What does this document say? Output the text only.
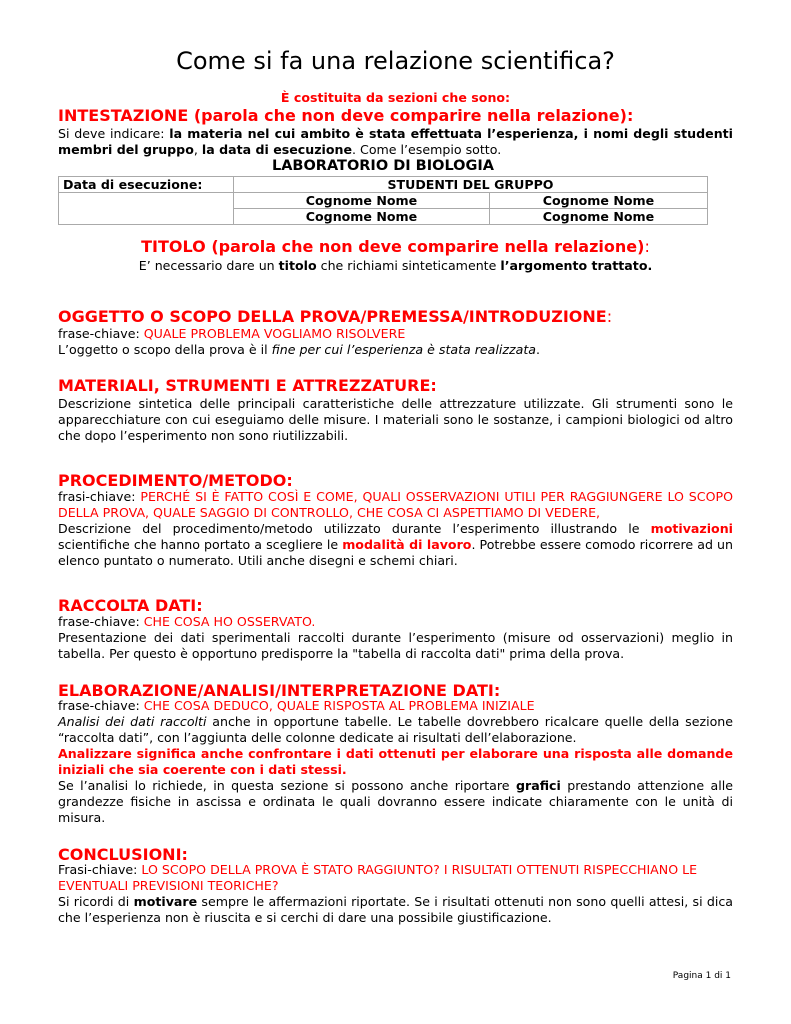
Come si fa una relazione scientifica?

È costituita da sezioni che sono:

INTESTAZIONE (parola che non deve comparire nella relazione):

Si deve indicare: la materia nel cui ambito è stata effettuata l’esperienza, i nomi degli studenti membri del gruppo, la data di esecuzione. Come l’esempio sotto.

LABORATORIO DI BIOLOGIA
Data di esecuzione:	STUDENTI DEL GRUPPO	
	Cognome Nome	Cognome Nome
	Cognome Nome	Cognome Nome
TITOLO (parola che non deve comparire nella relazione):

E’ necessario dare un titolo che richiami sinteticamente l’argomento trattato.

OGGETTO O SCOPO DELLA PROVA/PREMESSA/INTRODUZIONE:

frase-chiave: QUALE PROBLEMA VOGLIAMO RISOLVERE

L’oggetto o scopo della prova è il fine per cui l’esperienza è stata realizzata.

MATERIALI, STRUMENTI E ATTREZZATURE:

Descrizione sintetica delle principali caratteristiche delle attrezzature utilizzate. Gli strumenti sono le apparecchiature con cui eseguiamo delle misure. I materiali sono le sostanze, i campioni biologici od altro che dopo l’esperimento non sono riutilizzabili.

PROCEDIMENTO/METODO:

frasi-chiave: PERCHÉ SI È FATTO COSÌ E COME, QUALI OSSERVAZIONI UTILI PER RAGGIUNGERE LO SCOPO DELLA PROVA, QUALE SAGGIO DI CONTROLLO, CHE COSA CI ASPETTIAMO DI VEDERE,

Descrizione del procedimento/metodo utilizzato durante l’esperimento illustrando le motivazioni scientifiche che hanno portato a scegliere le modalità di lavoro. Potrebbe essere comodo ricorrere ad un elenco puntato o numerato. Utili anche disegni e schemi chiari.

RACCOLTA DATI:

frase-chiave: CHE COSA HO OSSERVATO.

Presentazione dei dati sperimentali raccolti durante l’esperimento (misure od osservazioni) meglio in tabella. Per questo è opportuno predisporre la "tabella di raccolta dati" prima della prova.

ELABORAZIONE/ANALISI/INTERPRETAZIONE DATI:

frase-chiave: CHE COSA DEDUCO, QUALE RISPOSTA AL PROBLEMA INIZIALE

Analisi dei dati raccolti anche in opportune tabelle. Le tabelle dovrebbero ricalcare quelle della sezione “raccolta dati”, con l’aggiunta delle colonne dedicate ai risultati dell’elaborazione.

Analizzare significa anche confrontare i dati ottenuti per elaborare una risposta alle domande iniziali che sia coerente con i dati stessi.

Se l’analisi lo richiede, in questa sezione si possono anche riportare grafici prestando attenzione alle grandezze fisiche in ascissa e ordinata le quali dovranno essere indicate chiaramente con le unità di misura.

CONCLUSIONI:

Frasi-chiave: LO SCOPO DELLA PROVA È STATO RAGGIUNTO? I RISULTATI OTTENUTI RISPECCHIANO LE EVENTUALI PREVISIONI TEORICHE?

Si ricordi di motivare sempre le affermazioni riportate. Se i risultati ottenuti non sono quelli attesi, si dica che l’esperienza non è riuscita e si cerchi di dare una possibile giustificazione.

Pagina 1 di 1
